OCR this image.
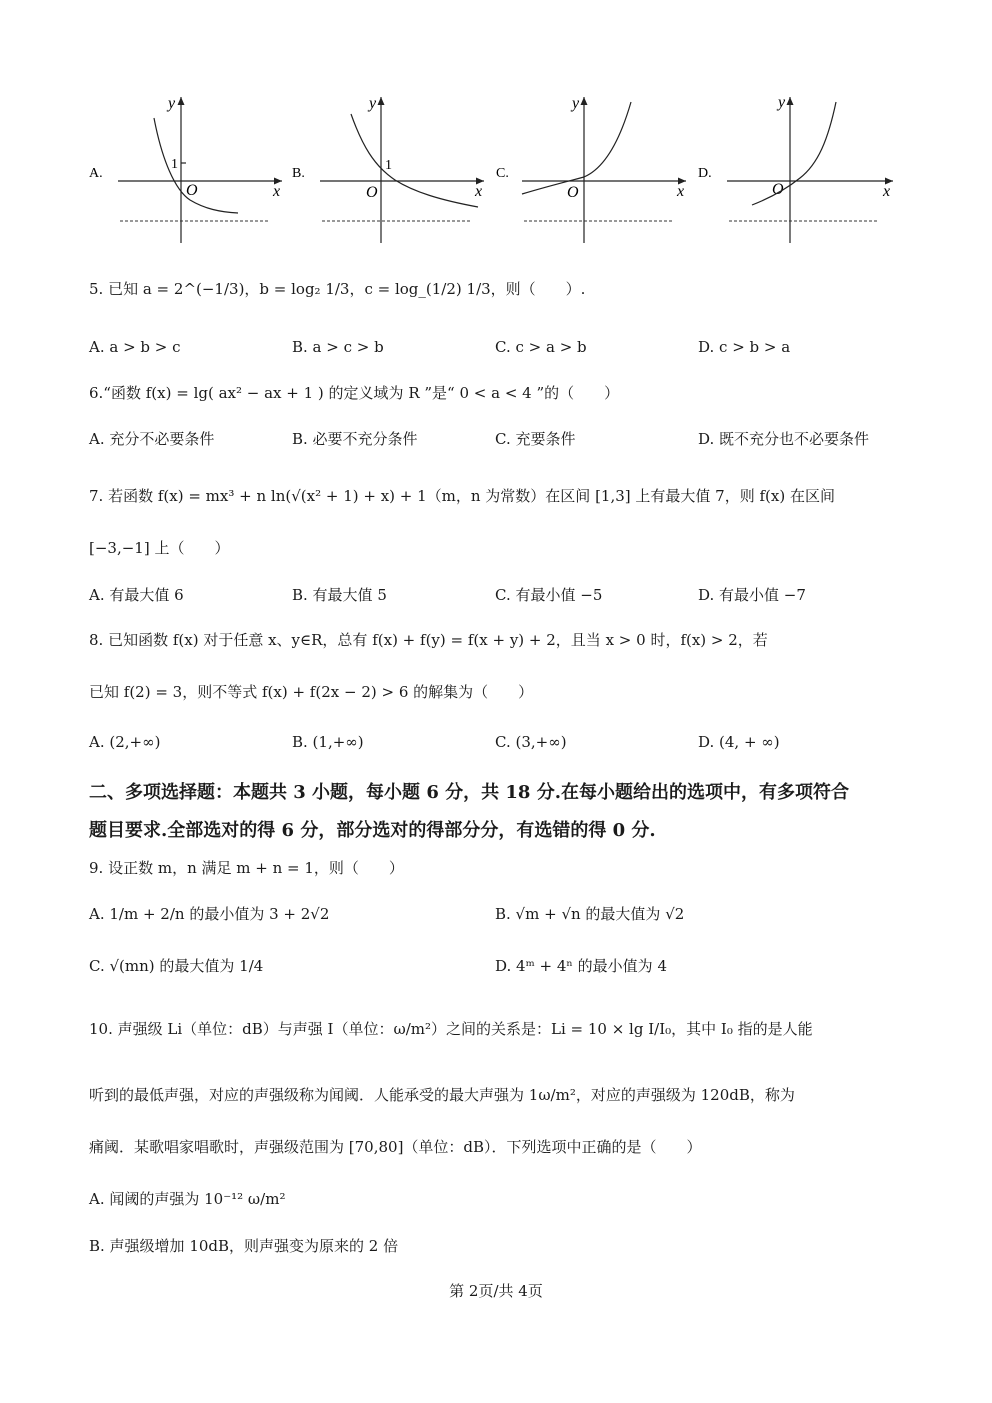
A.
1
O	x
y
B.
1
O	x
y
C.
O	x
y
D.
O	x
y
5. 已知 a = 2^(−1/3)，b = log₂ 1/3，c = log_(1/2) 1/3，则（　　）.
A. a > b > c	B. a > c > b	C. c > a > b	D. c > b > a
6.“函数 f(x) = lg( ax² − ax + 1 ) 的定义域为 R ”是“ 0 < a < 4 ”的（　　）
A. 充分不必要条件	B. 必要不充分条件	C. 充要条件	D. 既不充分也不必要条件
7. 若函数 f(x) = mx³ + n ln(√(x² + 1) + x) + 1（m，n 为常数）在区间 [1,3] 上有最大值 7，则 f(x) 在区间
[−3,−1] 上（　　）
A. 有最大值 6	B. 有最大值 5	C. 有最小值 −5	D. 有最小值 −7
8. 已知函数 f(x) 对于任意 x、y∈R，总有 f(x) + f(y) = f(x + y) + 2，且当 x > 0 时，f(x) > 2，若
已知 f(2) = 3，则不等式 f(x) + f(2x − 2) > 6 的解集为（　　）
A. (2,+∞)	B. (1,+∞)	C. (3,+∞)	D. (4, + ∞)
二、多项选择题：本题共 3 小题，每小题 6 分，共 18 分.在每小题给出的选项中，有多项符合
题目要求.全部选对的得 6 分，部分选对的得部分分，有选错的得 0 分.
9. 设正数 m，n 满足 m + n = 1，则（　　）
A. 1/m + 2/n 的最小值为 3 + 2√2	B. √m + √n 的最大值为 √2
C. √(mn) 的最大值为 1/4	D. 4ᵐ + 4ⁿ 的最小值为 4
10. 声强级 Li（单位：dB）与声强 I（单位：ω/m²）之间的关系是：Li = 10 × lg I/I₀，其中 I₀ 指的是人能
听到的最低声强，对应的声强级称为闻阈．人能承受的最大声强为 1ω/m²，对应的声强级为 120dB，称为
痛阈．某歌唱家唱歌时，声强级范围为 [70,80]（单位：dB）．下列选项中正确的是（　　）
A. 闻阈的声强为 10⁻¹² ω/m²
B. 声强级增加 10dB，则声强变为原来的 2 倍
第 2页/共 4页
